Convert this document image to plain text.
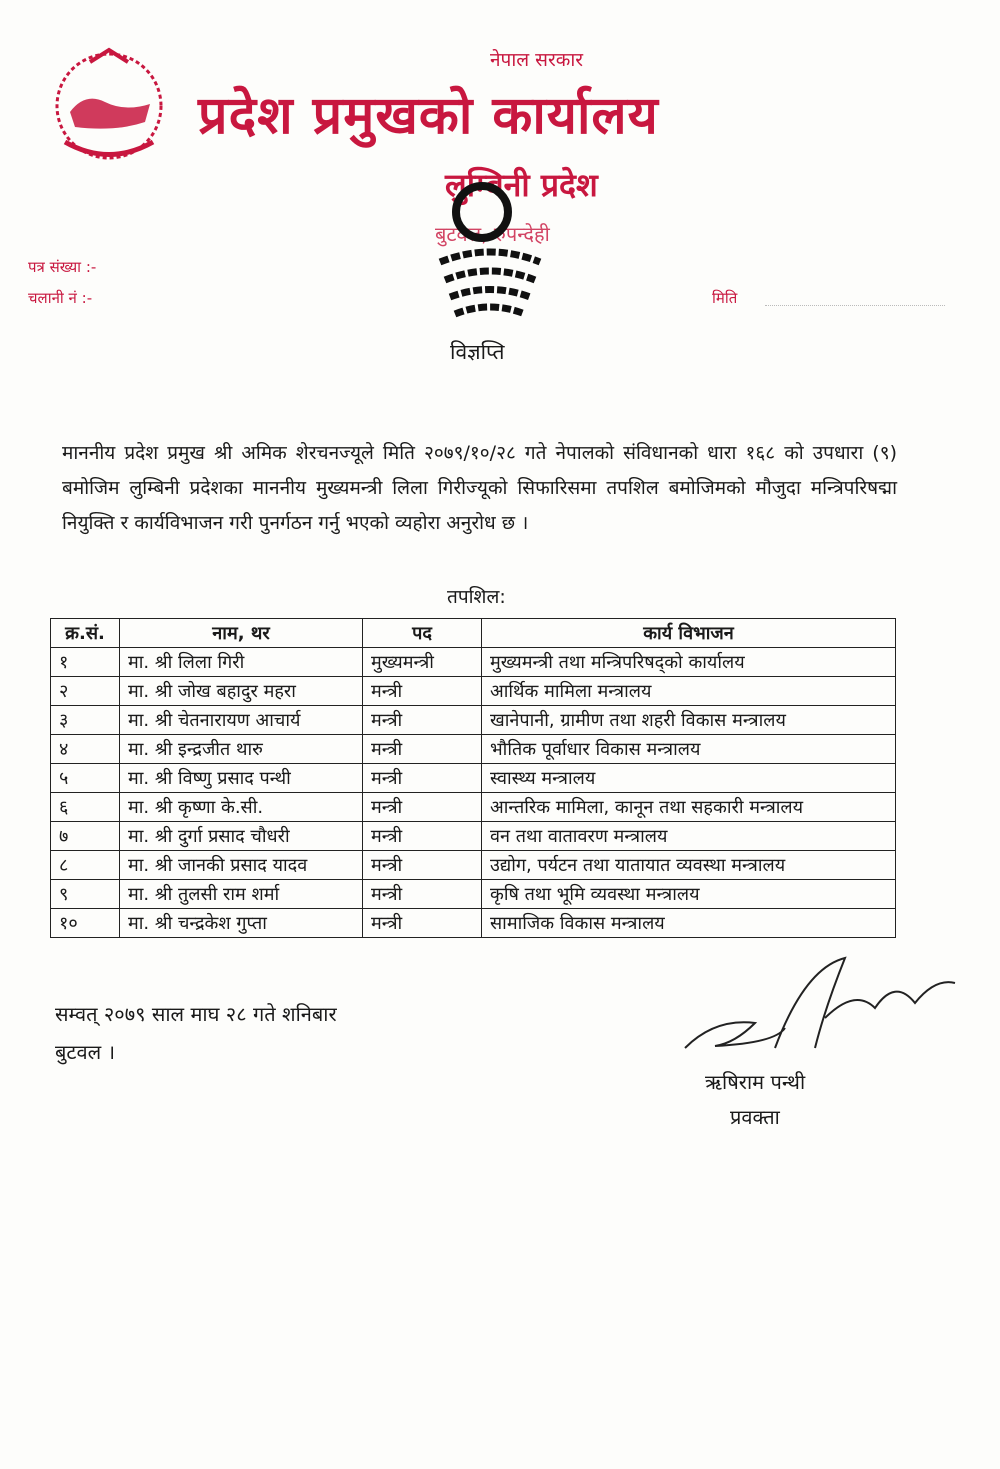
नेपाल सरकार
प्रदेश प्रमुखको कार्यालय
लुम्बिनी प्रदेश
बुटवल, रुपन्देही
पत्र संख्या :-
चलानी नं :-	मिति
विज्ञप्ति
माननीय प्रदेश प्रमुख श्री अमिक शेरचनज्यूले मिति २०७९/१०/२८ गते नेपालको संविधानको धारा १६८ को उपधारा (९) बमोजिम लुम्बिनी प्रदेशका माननीय मुख्यमन्त्री लिला गिरीज्यूको सिफारिसमा तपशिल बमोजिमको मौजुदा मन्त्रिपरिषद्मा नियुक्ति र कार्यविभाजन गरी पुनर्गठन गर्नु भएको व्यहोरा अनुरोध छ ।
तपशिल:
क्र.सं.	नाम, थर	पद	कार्य विभाजन
१	मा. श्री लिला गिरी	मुख्यमन्त्री	मुख्यमन्त्री तथा मन्त्रिपरिषद्को कार्यालय
२	मा. श्री जोख बहादुर महरा	मन्त्री	आर्थिक मामिला मन्त्रालय
३	मा. श्री चेतनारायण आचार्य	मन्त्री	खानेपानी, ग्रामीण तथा शहरी विकास मन्त्रालय
४	मा. श्री इन्द्रजीत थारु	मन्त्री	भौतिक पूर्वाधार विकास मन्त्रालय
५	मा. श्री विष्णु प्रसाद पन्थी	मन्त्री	स्वास्थ्य मन्त्रालय
६	मा. श्री कृष्णा के.सी.	मन्त्री	आन्तरिक मामिला, कानून तथा सहकारी मन्त्रालय
७	मा. श्री दुर्गा प्रसाद चौधरी	मन्त्री	वन तथा वातावरण मन्त्रालय
८	मा. श्री जानकी प्रसाद यादव	मन्त्री	उद्योग, पर्यटन तथा यातायात व्यवस्था मन्त्रालय
९	मा. श्री तुलसी राम शर्मा	मन्त्री	कृषि तथा भूमि व्यवस्था मन्त्रालय
१०	मा. श्री चन्द्रकेश गुप्ता	मन्त्री	सामाजिक विकास मन्त्रालय
सम्वत् २०७९ साल माघ २८ गते शनिबार
बुटवल ।
ऋषिराम पन्थी
प्रवक्ता
